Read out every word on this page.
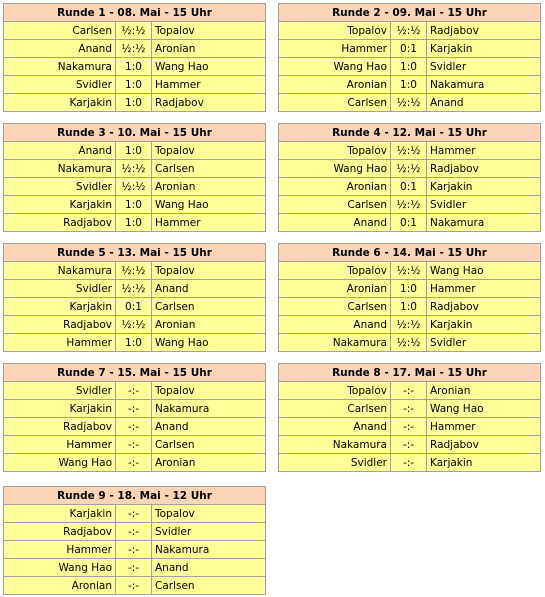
Runde 1 - 08. Mai - 15 Uhr		
Carlsen	½:½	Topalov
Anand	½:½	Aronian
Nakamura	1:0	Wang Hao
Svidler	1:0	Hammer
Karjakin	1:0	Radjabov
Runde 2 - 09. Mai - 15 Uhr		
Topalov	½:½	Radjabov
Hammer	0:1	Karjakin
Wang Hao	1:0	Svidler
Aronian	1:0	Nakamura
Carlsen	½:½	Anand
Runde 3 - 10. Mai - 15 Uhr		
Anand	1:0	Topalov
Nakamura	½:½	Carlsen
Svidler	½:½	Aronian
Karjakin	1:0	Wang Hao
Radjabov	1:0	Hammer
Runde 4 - 12. Mai - 15 Uhr		
Topalov	½:½	Hammer
Wang Hao	½:½	Radjabov
Aronian	0:1	Karjakin
Carlsen	½:½	Svidler
Anand	0:1	Nakamura
Runde 5 - 13. Mai - 15 Uhr		
Nakamura	½:½	Topalov
Svidler	½:½	Anand
Karjakin	0:1	Carlsen
Radjabov	½:½	Aronian
Hammer	1:0	Wang Hao
Runde 6 - 14. Mai - 15 Uhr		
Topalov	½:½	Wang Hao
Aronian	1:0	Hammer
Carlsen	1:0	Radjabov
Anand	½:½	Karjakin
Nakamura	½:½	Svidler
Runde 7 - 15. Mai - 15 Uhr		
Svidler	-:-	Topalov
Karjakin	-:-	Nakamura
Radjabov	-:-	Anand
Hammer	-:-	Carlsen
Wang Hao	-:-	Aronian
Runde 8 - 17. Mai - 15 Uhr		
Topalov	-:-	Aronian
Carlsen	-:-	Wang Hao
Anand	-:-	Hammer
Nakamura	-:-	Radjabov
Svidler	-:-	Karjakin
Runde 9 - 18. Mai - 12 Uhr		
Karjakin	-:-	Topalov
Radjabov	-:-	Svidler
Hammer	-:-	Nakamura
Wang Hao	-:-	Anand
Aronian	-:-	Carlsen
